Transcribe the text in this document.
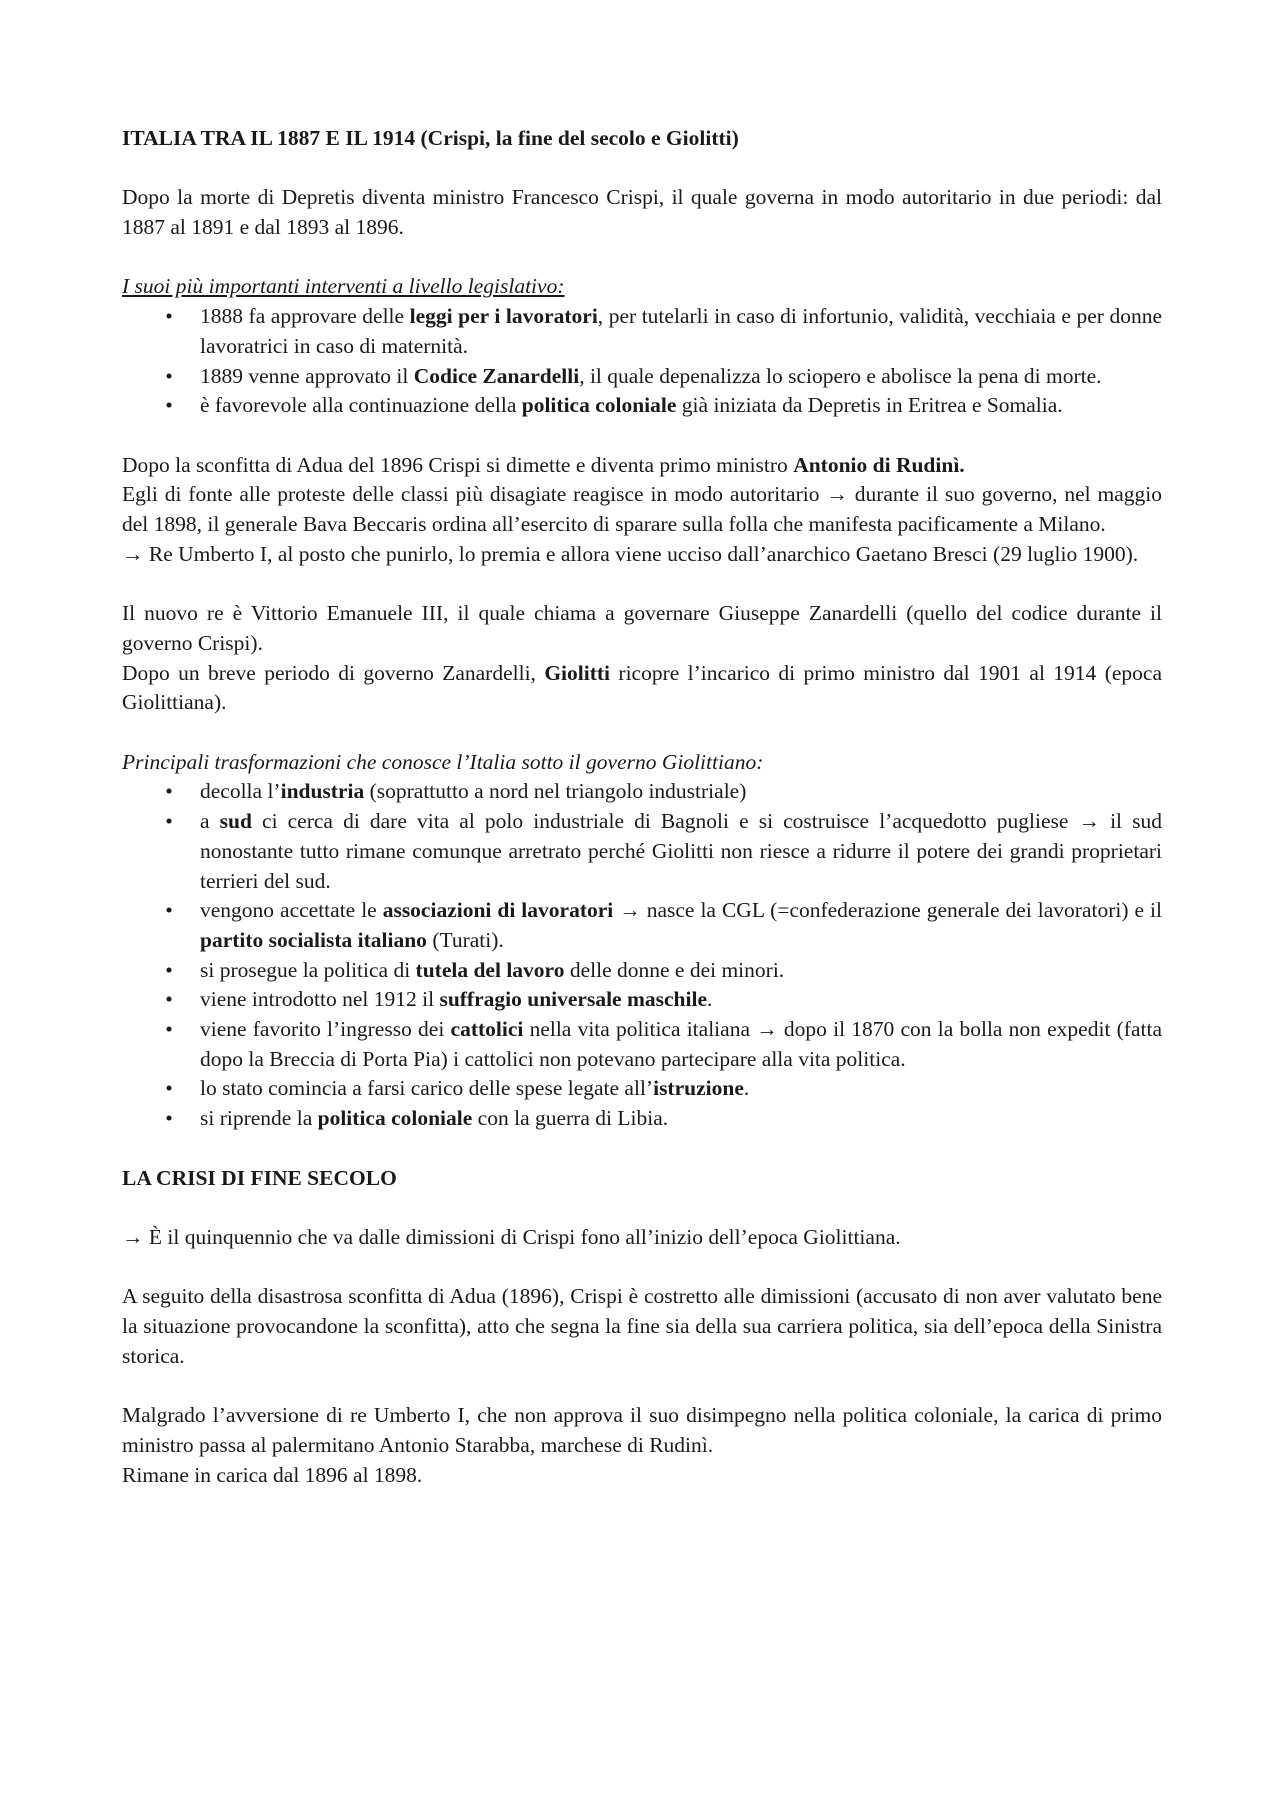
ITALIA TRA IL 1887 E IL 1914 (Crispi, la fine del secolo e Giolitti)

Dopo la morte di Depretis diventa ministro Francesco Crispi, il quale governa in modo autoritario in due periodi: dal 1887 al 1891 e dal 1893 al 1896.

I suoi più importanti interventi a livello legislativo:

• 1888 fa approvare delle leggi per i lavoratori, per tutelarli in caso di infortunio, validità, vecchiaia e per donne lavoratrici in caso di maternità.
• 1889 venne approvato il Codice Zanardelli, il quale depenalizza lo sciopero e abolisce la pena di morte.
• è favorevole alla continuazione della politica coloniale già iniziata da Depretis in Eritrea e Somalia.

Dopo la sconfitta di Adua del 1896 Crispi si dimette e diventa primo ministro Antonio di Rudinì.

Egli di fonte alle proteste delle classi più disagiate reagisce in modo autoritario → durante il suo governo, nel maggio del 1898, il generale Bava Beccaris ordina all’esercito di sparare sulla folla che manifesta pacificamente a Milano.

→ Re Umberto I, al posto che punirlo, lo premia e allora viene ucciso dall’anarchico Gaetano Bresci (29 luglio 1900).

Il nuovo re è Vittorio Emanuele III, il quale chiama a governare Giuseppe Zanardelli (quello del codice durante il governo Crispi).

Dopo un breve periodo di governo Zanardelli, Giolitti ricopre l’incarico di primo ministro dal 1901 al 1914 (epoca Giolittiana).

Principali trasformazioni che conosce l’Italia sotto il governo Giolittiano:

• decolla l’industria (soprattutto a nord nel triangolo industriale)
• a sud ci cerca di dare vita al polo industriale di Bagnoli e si costruisce l’acquedotto pugliese → il sud nonostante tutto rimane comunque arretrato perché Giolitti non riesce a ridurre il potere dei grandi proprietari terrieri del sud.
• vengono accettate le associazioni di lavoratori → nasce la CGL (=confederazione generale dei lavoratori) e il partito socialista italiano (Turati).
• si prosegue la politica di tutela del lavoro delle donne e dei minori.
• viene introdotto nel 1912 il suffragio universale maschile.
• viene favorito l’ingresso dei cattolici nella vita politica italiana → dopo il 1870 con la bolla non expedit (fatta dopo la Breccia di Porta Pia) i cattolici non potevano partecipare alla vita politica.
• lo stato comincia a farsi carico delle spese legate all’istruzione.
• si riprende la politica coloniale con la guerra di Libia.

LA CRISI DI FINE SECOLO

→ È il quinquennio che va dalle dimissioni di Crispi fono all’inizio dell’epoca Giolittiana.

A seguito della disastrosa sconfitta di Adua (1896), Crispi è costretto alle dimissioni (accusato di non aver valutato bene la situazione provocandone la sconfitta), atto che segna la fine sia della sua carriera politica, sia dell’epoca della Sinistra storica.

Malgrado l’avversione di re Umberto I, che non approva il suo disimpegno nella politica coloniale, la carica di primo ministro passa al palermitano Antonio Starabba, marchese di Rudinì.

Rimane in carica dal 1896 al 1898.
